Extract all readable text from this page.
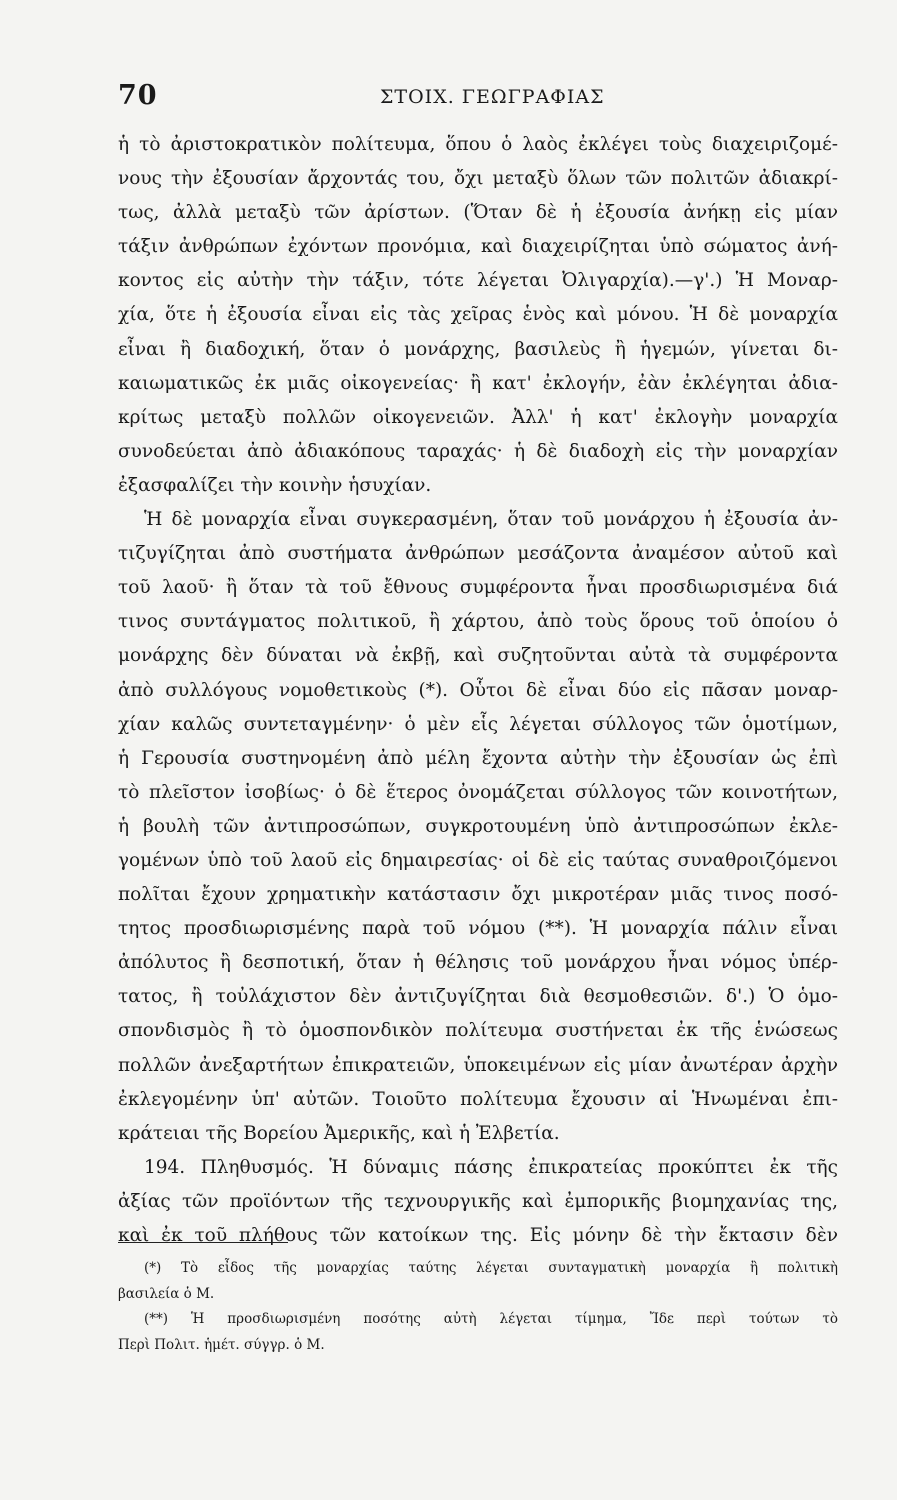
70	ΣΤΟΙΧ. ΓΕΩΓΡΑΦΙΑΣ
ἡ τὸ ἀριστοκρατικὸν πολίτευμα, ὅπου ὁ λαὸς ἐκλέγει τοὺς διαχειριζομέ-
νους τὴν ἐξουσίαν ἄρχοντάς του, ὄχι μεταξὺ ὅλων τῶν πολιτῶν ἀδιακρί-
τως, ἀλλὰ μεταξὺ τῶν ἀρίστων. (Ὅταν δὲ ἡ ἐξουσία ἀνήκῃ εἰς μίαν
τάξιν ἀνθρώπων ἐχόντων προνόμια, καὶ διαχειρίζηται ὑπὸ σώματος ἀνή-
κοντος εἰς αὐτὴν τὴν τάξιν, τότε λέγεται Ὀλιγαρχία).—γ'.) Ἡ Μοναρ-
χία, ὅτε ἡ ἐξουσία εἶναι εἰς τὰς χεῖρας ἑνὸς καὶ μόνου. Ἡ δὲ μοναρχία
εἶναι ἢ διαδοχική, ὅταν ὁ μονάρχης, βασιλεὺς ἢ ἡγεμών, γίνεται δι-
καιωματικῶς ἐκ μιᾶς οἰκογενείας· ἢ κατ' ἐκλογήν, ἐὰν ἐκλέγηται ἀδια-
κρίτως μεταξὺ πολλῶν οἰκογενειῶν. Ἀλλ' ἡ κατ' ἐκλογὴν μοναρχία
συνοδεύεται ἀπὸ ἀδιακόπους ταραχάς· ἡ δὲ διαδοχὴ εἰς τὴν μοναρχίαν
ἐξασφαλίζει τὴν κοινὴν ἡσυχίαν.
Ἡ δὲ μοναρχία εἶναι συγκερασμένη, ὅταν τοῦ μονάρχου ἡ ἐξουσία ἀν-
τιζυγίζηται ἀπὸ συστήματα ἀνθρώπων μεσάζοντα ἀναμέσον αὐτοῦ καὶ
τοῦ λαοῦ· ἢ ὅταν τὰ τοῦ ἔθνους συμφέροντα ἦναι προσδιωρισμένα διά
τινος συντάγματος πολιτικοῦ, ἢ χάρτου, ἀπὸ τοὺς ὅρους τοῦ ὁποίου ὁ
μονάρχης δὲν δύναται νὰ ἐκβῇ, καὶ συζητοῦνται αὐτὰ τὰ συμφέροντα
ἀπὸ συλλόγους νομοθετικοὺς (*). Οὗτοι δὲ εἶναι δύο εἰς πᾶσαν μοναρ-
χίαν καλῶς συντεταγμένην· ὁ μὲν εἷς λέγεται σύλλογος τῶν ὁμοτίμων,
ἡ Γερουσία συστηνομένη ἀπὸ μέλη ἔχοντα αὐτὴν τὴν ἐξουσίαν ὡς ἐπὶ
τὸ πλεῖστον ἰσοβίως· ὁ δὲ ἕτερος ὀνομάζεται σύλλογος τῶν κοινοτήτων,
ἡ βουλὴ τῶν ἀντιπροσώπων, συγκροτουμένη ὑπὸ ἀντιπροσώπων ἐκλε-
γομένων ὑπὸ τοῦ λαοῦ εἰς δημαιρεσίας· οἱ δὲ εἰς ταύτας συναθροιζόμενοι
πολῖται ἔχουν χρηματικὴν κατάστασιν ὄχι μικροτέραν μιᾶς τινος ποσό-
τητος προσδιωρισμένης παρὰ τοῦ νόμου (**). Ἡ μοναρχία πάλιν εἶναι
ἀπόλυτος ἢ δεσποτική, ὅταν ἡ θέλησις τοῦ μονάρχου ἦναι νόμος ὑπέρ-
τατος, ἢ τοὐλάχιστον δὲν ἀντιζυγίζηται διὰ θεσμοθεσιῶν. δ'.) Ὁ ὁμο-
σπονδισμὸς ἢ τὸ ὁμοσπονδικὸν πολίτευμα συστήνεται ἐκ τῆς ἑνώσεως
πολλῶν ἀνεξαρτήτων ἐπικρατειῶν, ὑποκειμένων εἰς μίαν ἀνωτέραν ἀρχὴν
ἐκλεγομένην ὑπ' αὐτῶν. Τοιοῦτο πολίτευμα ἔχουσιν αἱ Ἡνωμέναι ἐπι-
κράτειαι τῆς Βορείου Ἀμερικῆς, καὶ ἡ Ἐλβετία.
194. Πληθυσμός. Ἡ δύναμις πάσης ἐπικρατείας προκύπτει ἐκ τῆς
ἀξίας τῶν προϊόντων τῆς τεχνουργικῆς καὶ ἐμπορικῆς βιομηχανίας της,
καὶ ἐκ τοῦ πλήθους τῶν κατοίκων της. Εἰς μόνην δὲ τὴν ἔκτασιν δὲν
(*) Τὸ εἶδος τῆς μοναρχίας ταύτης λέγεται συνταγματικὴ μοναρχία ἢ πολιτικὴ
βασιλεία ὁ Μ.
(**) Ἡ προσδιωρισμένη ποσότης αὐτὴ λέγεται τίμημα, Ἴδε περὶ τούτων τὸ
Περὶ Πολιτ. ἡμέτ. σύγγρ. ὁ Μ.
